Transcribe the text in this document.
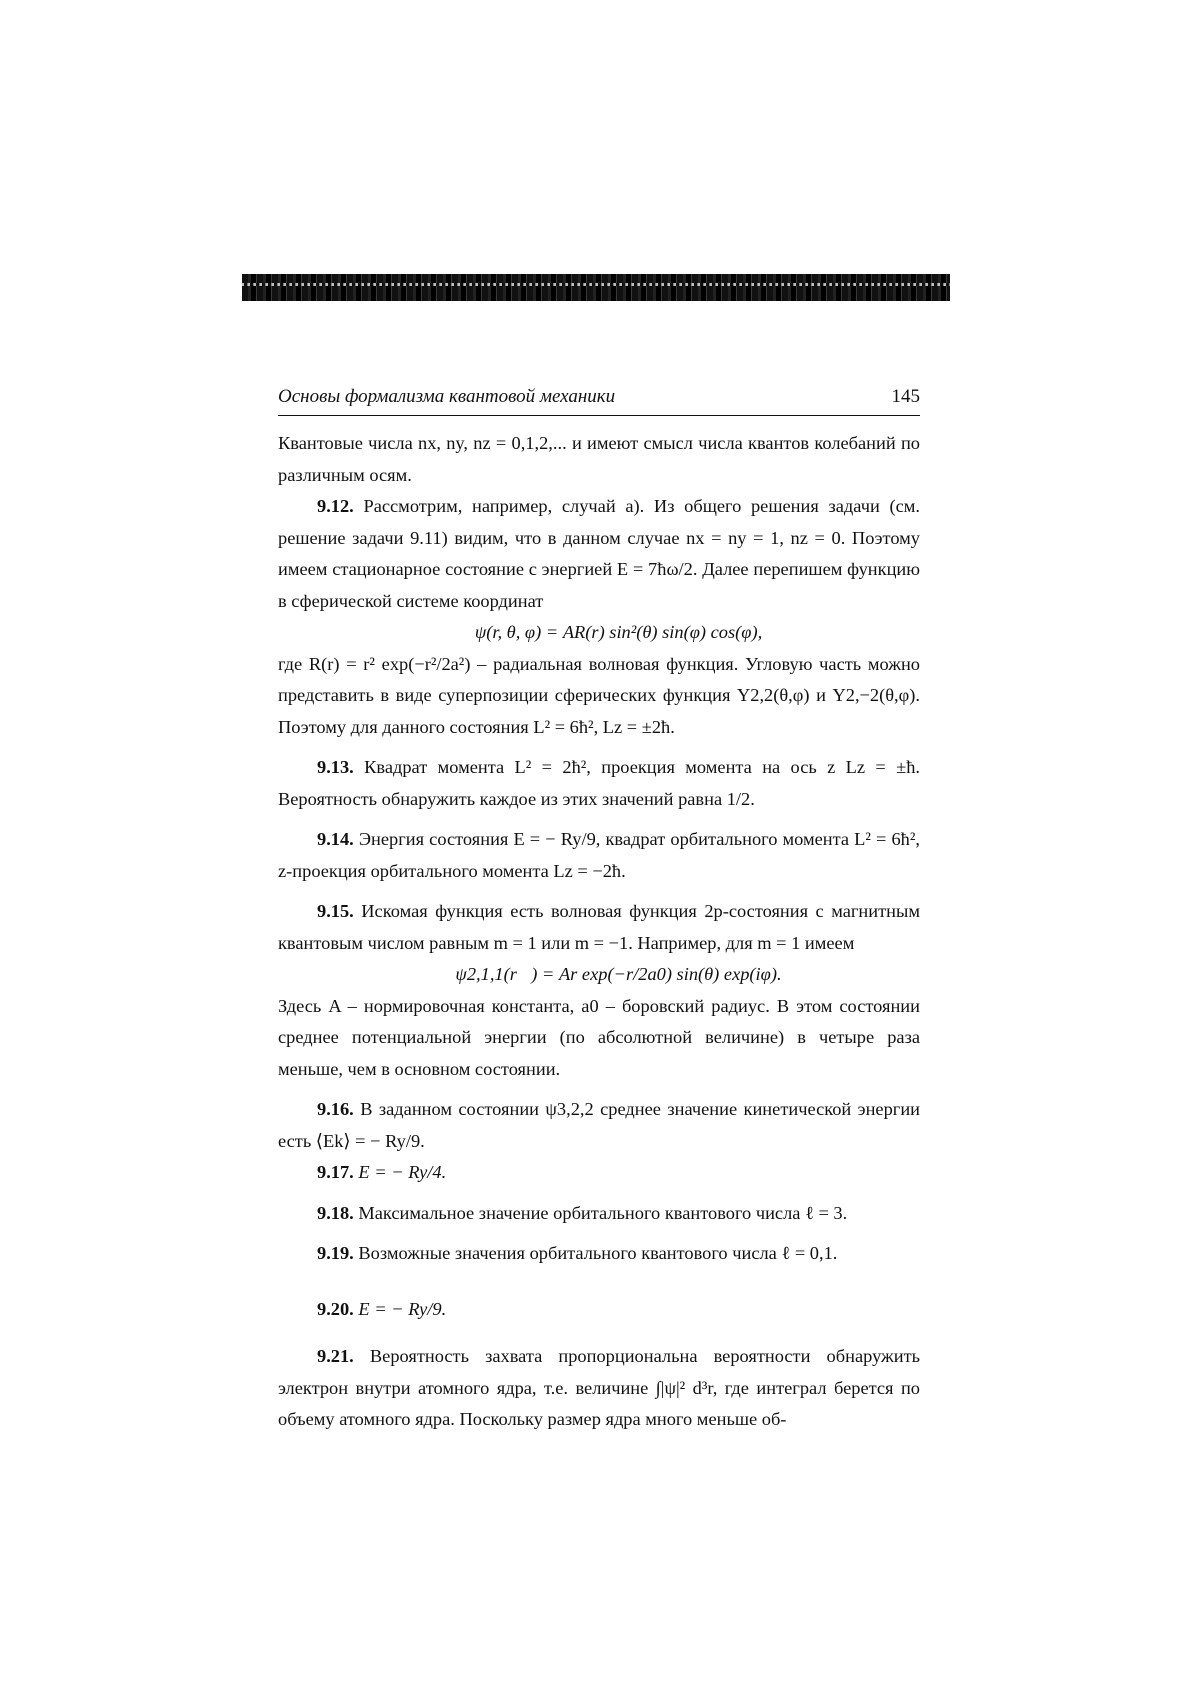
Основы формализма квантовой механики	145

Квантовые числа nx, ny, nz = 0,1,2,... и имеют смысл числа квантов колебаний по различным осям.

9.12. Рассмотрим, например, случай а). Из общего решения задачи (см. решение задачи 9.11) видим, что в данном случае nx = ny = 1, nz = 0. Поэтому имеем стационарное состояние с энергией E = 7ħω/2. Далее перепишем функцию в сферической системе координат

ψ(r, θ, φ) = AR(r) sin²(θ) sin(φ) cos(φ),

где R(r) = r² exp(−r²/2a²) – радиальная волновая функция. Угловую часть можно представить в виде суперпозиции сферических функция Y2,2(θ,φ) и Y2,−2(θ,φ). Поэтому для данного состояния L² = 6ħ², Lz = ±2ħ.

9.13. Квадрат момента L² = 2ħ², проекция момента на ось z Lz = ±ħ. Вероятность обнаружить каждое из этих значений равна 1/2.

9.14. Энергия состояния E = − Ry/9, квадрат орбитального момента L² = 6ħ², z-проекция орбитального момента Lz = −2ħ.

9.15. Искомая функция есть волновая функция 2p-состояния с магнитным квантовым числом равным m = 1 или m = −1. Например, для m = 1 имеем

ψ2,1,1(r⃗) = Ar exp(−r/2a0) sin(θ) exp(iφ).

Здесь A – нормировочная константа, a0 – боровский радиус. В этом состоянии среднее потенциальной энергии (по абсолютной величине) в четыре раза меньше, чем в основном состоянии.

9.16. В заданном состоянии ψ3,2,2 среднее значение кинетической энергии есть ⟨Ek⟩ = − Ry/9.

9.17. E = − Ry/4.

9.18. Максимальное значение орбитального квантового числа ℓ = 3.

9.19. Возможные значения орбитального квантового числа ℓ = 0,1.

9.20. E = − Ry/9.

9.21. Вероятность захвата пропорциональна вероятности обнаружить электрон внутри атомного ядра, т.е. величине ∫|ψ|² d³r, где интеграл берется по объему атомного ядра. Поскольку размер ядра много меньше об-
